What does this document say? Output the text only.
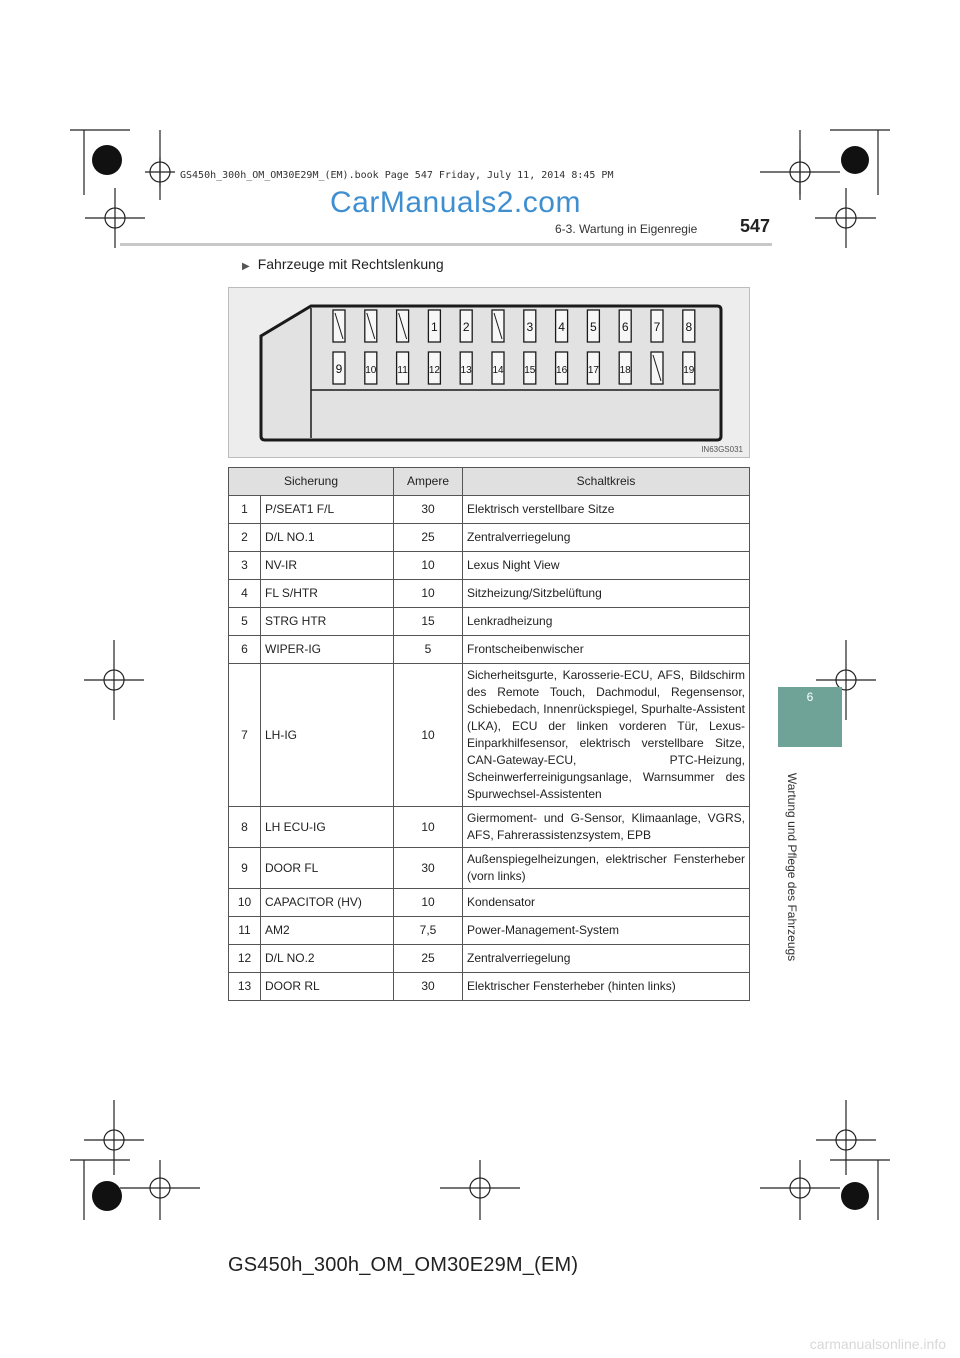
GS450h_300h_OM_OM30E29M_(EM).book Page 547 Friday, July 11, 2014 8:45 PM
CarManuals2.com
6-3. Wartung in Eigenregie 547
6
Wartung und Pflege des Fahrzeugs
▶ Fahrzeuge mit Rechtslenkung
1 2	3 4 5 6 7 8
9 10 11 12 13 14 15 16 17 18	19
IN63GS031
Sicherung		Ampere	Schaltkreis
1	P/SEAT1 F/L	30	Elektrisch verstellbare Sitze
2	D/L NO.1	25	Zentralverriegelung
3	NV-IR	10	Lexus Night View
4	FL S/HTR	10	Sitzheizung/Sitzbelüftung
5	STRG HTR	15	Lenkradheizung
6	WIPER-IG	5	Frontscheibenwischer
7	LH-IG	10	Sicherheitsgurte, Karosserie-ECU, AFS, Bildschirm des Remote Touch, Dachmodul, Regensensor, Schiebedach, Innenrückspiegel, Spurhalte-Assistent (LKA), ECU der linken vorderen Tür, Lexus-Einparkhilfesensor, elektrisch verstellbare Sitze, CAN-Gateway-ECU, PTC-Heizung, Scheinwerferreinigungsanlage, Warnsummer des Spurwechsel-Assistenten
8	LH ECU-IG	10	Giermoment- und G-Sensor, Klimaanlage, VGRS, AFS, Fahrerassistenzsystem, EPB
9	DOOR FL	30	Außenspiegelheizungen, elektrischer Fensterheber (vorn links)
10	CAPACITOR (HV)	10	Kondensator
11	AM2	7,5	Power-Management-System
12	D/L NO.2	25	Zentralverriegelung
13	DOOR RL	30	Elektrischer Fensterheber (hinten links)
GS450h_300h_OM_OM30E29M_(EM)
carmanualsonline.info
